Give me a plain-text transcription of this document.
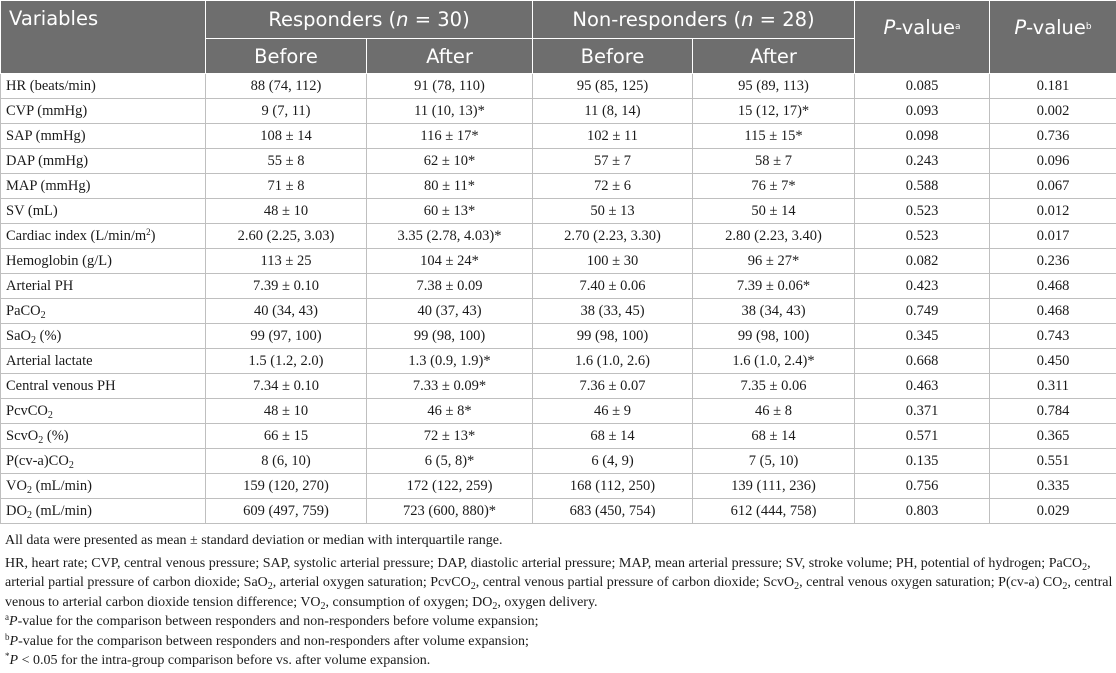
Variables	Responders (n = 30)		Non-responders (n = 28)		P-value$^a$	P-value$^b$
	Before	After	Before	After		
HR (beats/min)	88 (74, 112)	91 (78, 110)	95 (85, 125)	95 (89, 113)	0.085	0.181
CVP (mmHg)	9 (7, 11)	11 (10, 13)*	11 (8, 14)	15 (12, 17)*	0.093	0.002
SAP (mmHg)	108 ± 14	116 ± 17*	102 ± 11	115 ± 15*	0.098	0.736
DAP (mmHg)	55 ± 8	62 ± 10*	57 ± 7	58 ± 7	0.243	0.096
MAP (mmHg)	71 ± 8	80 ± 11*	72 ± 6	76 ± 7*	0.588	0.067
SV (mL)	48 ± 10	60 ± 13*	50 ± 13	50 ± 14	0.523	0.012
Cardiac index $(L/\min/m^2)$	2.60 (2.25, 3.03)	3.35 (2.78, 4.03)*	2.70 (2.23, 3.30)	2.80 (2.23, 3.40)	0.523	0.017
Hemoglobin (g/L)	113 ± 25	104 ± 24*	100 ± 30	96 ± 27*	0.082	0.236
Arterial PH	7.39 ± 0.10	7.38 ± 0.09	7.40 ± 0.06	7.39 ± 0.06*	0.423	0.468
PaCO$_2$	40 (34, 43)	40 (37, 43)	38 (33, 45)	38 (34, 43)	0.749	0.468
SaO$_2$ (%)	99 (97, 100)	99 (98, 100)	99 (98, 100)	99 (98, 100)	0.345	0.743
Arterial lactate	1.5 (1.2, 2.0)	1.3 (0.9, 1.9)*	1.6 (1.0, 2.6)	1.6 (1.0, 2.4)*	0.668	0.450
Central venous PH	7.34 ± 0.10	7.33 ± 0.09*	7.36 ± 0.07	7.35 ± 0.06	0.463	0.311
PcvCO$_2$	48 ± 10	46 ± 8*	46 ± 9	46 ± 8	0.371	0.784
ScvO$_2$ (%)	66 ± 15	72 ± 13*	68 ± 14	68 ± 14	0.571	0.365
$P(cv-a)CO_2$	8 (6, 10)	6 (5, 8)*	6 (4, 9)	7 (5, 10)	0.135	0.551
$VO_2$ (mL/min)	159 (120, 270)	172 (122, 259)	168 (112, 250)	139 (111, 236)	0.756	0.335
$DO_2$ (mL/min)	609 (497, 759)	723 (600, 880)*	683 (450, 754)	612 (444, 758)	0.803	0.029

All data were presented as mean ± standard deviation or median with interquartile range.

HR, heart rate; CVP, central venous pressure; SAP, systolic arterial pressure; DAP, diastolic arterial pressure; MAP, mean arterial pressure; SV, stroke volume; PH, potential of hydrogen; PaCO$_2$, arterial partial pressure of carbon dioxide; SaO$_2$, arterial oxygen saturation; PcvCO$_2$, central venous partial pressure of carbon dioxide; ScvO$_2$, central venous oxygen saturation; P(cv-a) $CO_2$, central venous to arterial carbon dioxide tension difference; $VO_2$, consumption of oxygen; $DO_2$, oxygen delivery.

$^a$P-value for the comparison between responders and non-responders before volume expansion;

$^b$P-value for the comparison between responders and non-responders after volume expansion;

*P < 0.05 for the intra-group comparison before vs. after volume expansion.
